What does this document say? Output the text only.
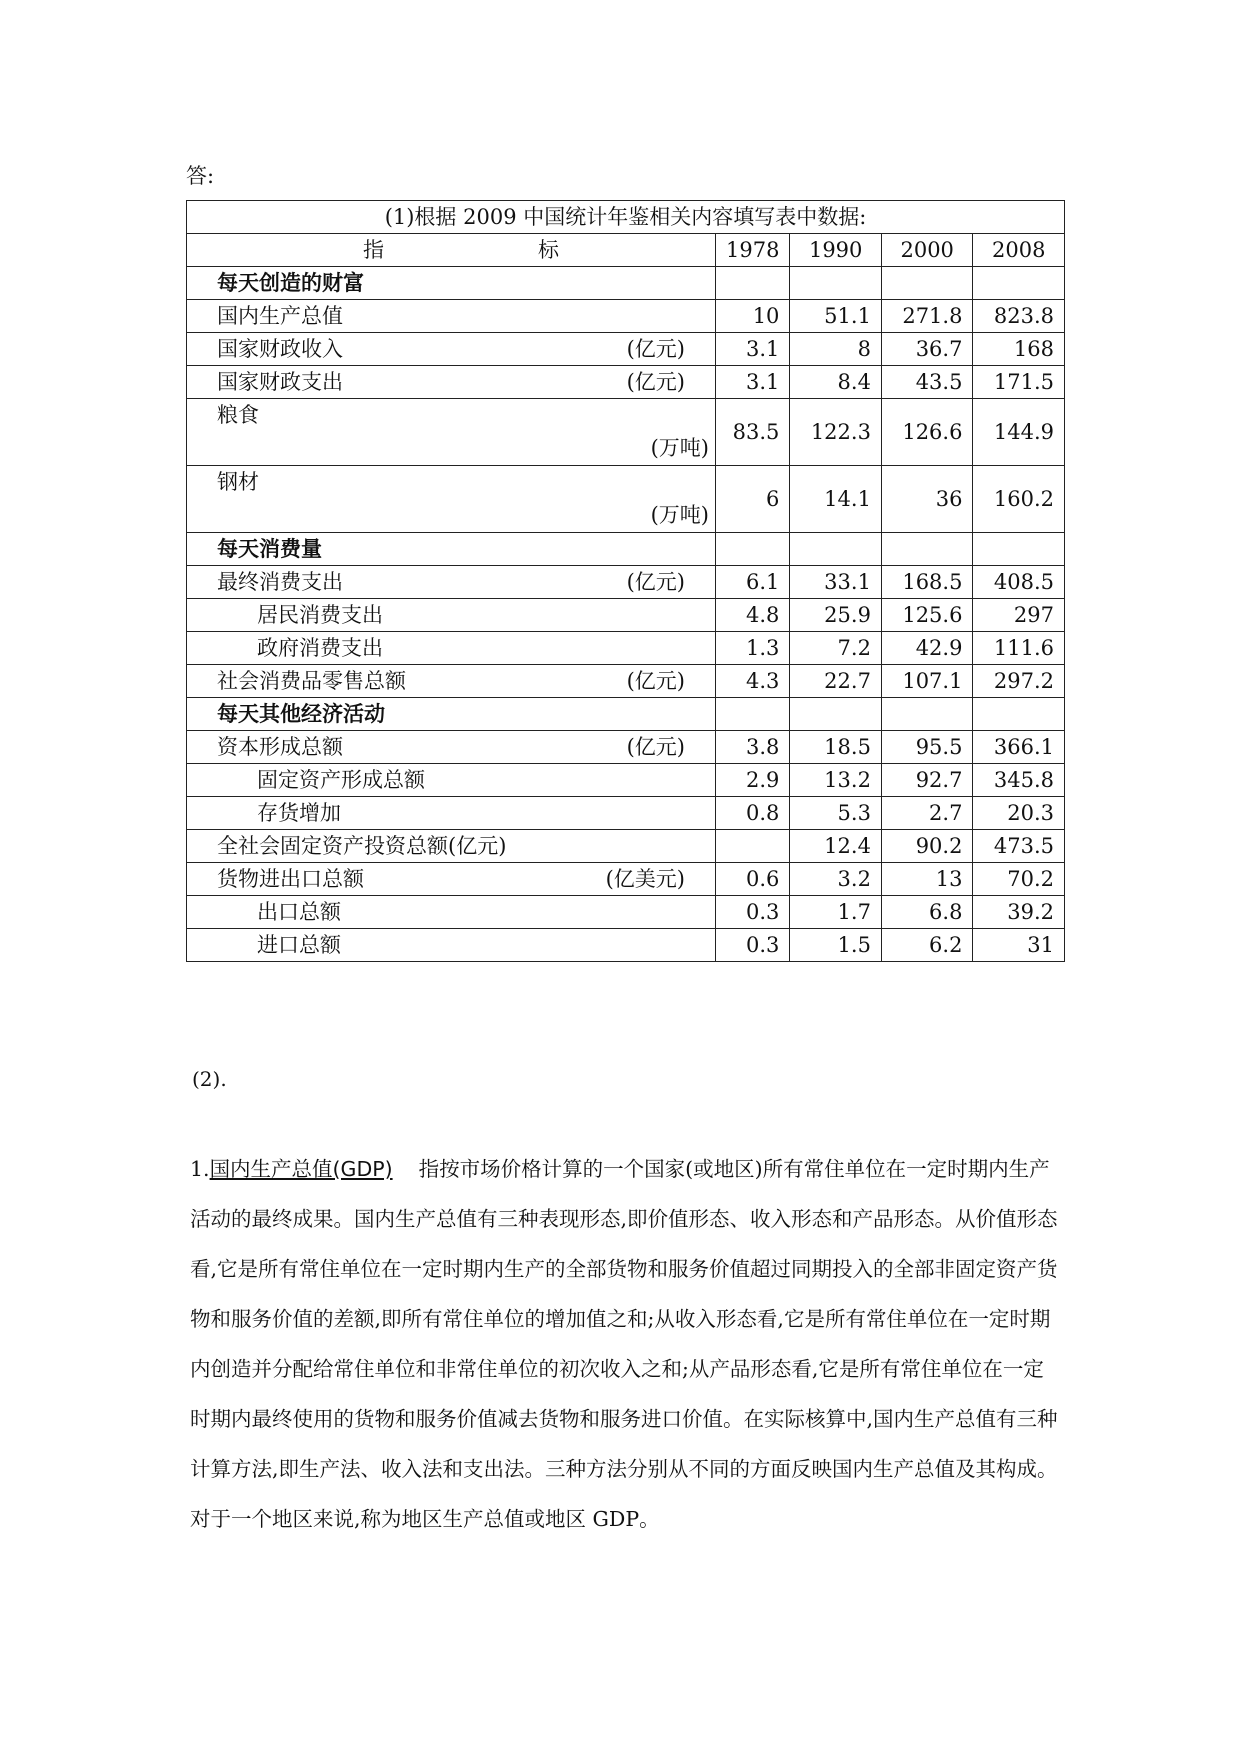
答:
(1)根据 2009 中国统计年鉴相关内容填写表中数据:				

指 标	1978	1990	2000	2008
每天创造的财富				
国内生产总值	10	51.1	271.8	823.8

国家财政收入 (亿元)	3.1	8	36.7	168

国家财政支出 (亿元)	3.1	8.4	43.5	171.5

粮食
(万吨)	83.5	122.3	126.6	144.9

钢材
(万吨)	6	14.1	36	160.2
每天消费量				

最终消费支出 (亿元)	6.1	33.1	168.5	408.5
居民消费支出	4.8	25.9	125.6	297
政府消费支出	1.3	7.2	42.9	111.6

社会消费品零售总额 (亿元)	4.3	22.7	107.1	297.2
每天其他经济活动				

资本形成总额 (亿元)	3.8	18.5	95.5	366.1
固定资产形成总额	2.9	13.2	92.7	345.8
存货增加	0.8	5.3	2.7	20.3
全社会固定资产投资总额(亿元)		12.4	90.2	473.5

货物进出口总额 (亿美元)	0.6	3.2	13	70.2
出口总额	0.3	1.7	6.8	39.2
进口总额	0.3	1.5	6.2	31
(2).
1.国内生产总值(GDP) 指按市场价格计算的一个国家(或地区)所有常住单位在一定时期内生产活动的最终成果。国内生产总值有三种表现形态,即价值形态、收入形态和产品形态。从价值形态看,它是所有常住单位在一定时期内生产的全部货物和服务价值超过同期投入的全部非固定资产货物和服务价值的差额,即所有常住单位的增加值之和;从收入形态看,它是所有常住单位在一定时期内创造并分配给常住单位和非常住单位的初次收入之和;从产品形态看,它是所有常住单位在一定时期内最终使用的货物和服务价值减去货物和服务进口价值。在实际核算中,国内生产总值有三种计算方法,即生产法、收入法和支出法。三种方法分别从不同的方面反映国内生产总值及其构成。对于一个地区来说,称为地区生产总值或地区 GDP。
